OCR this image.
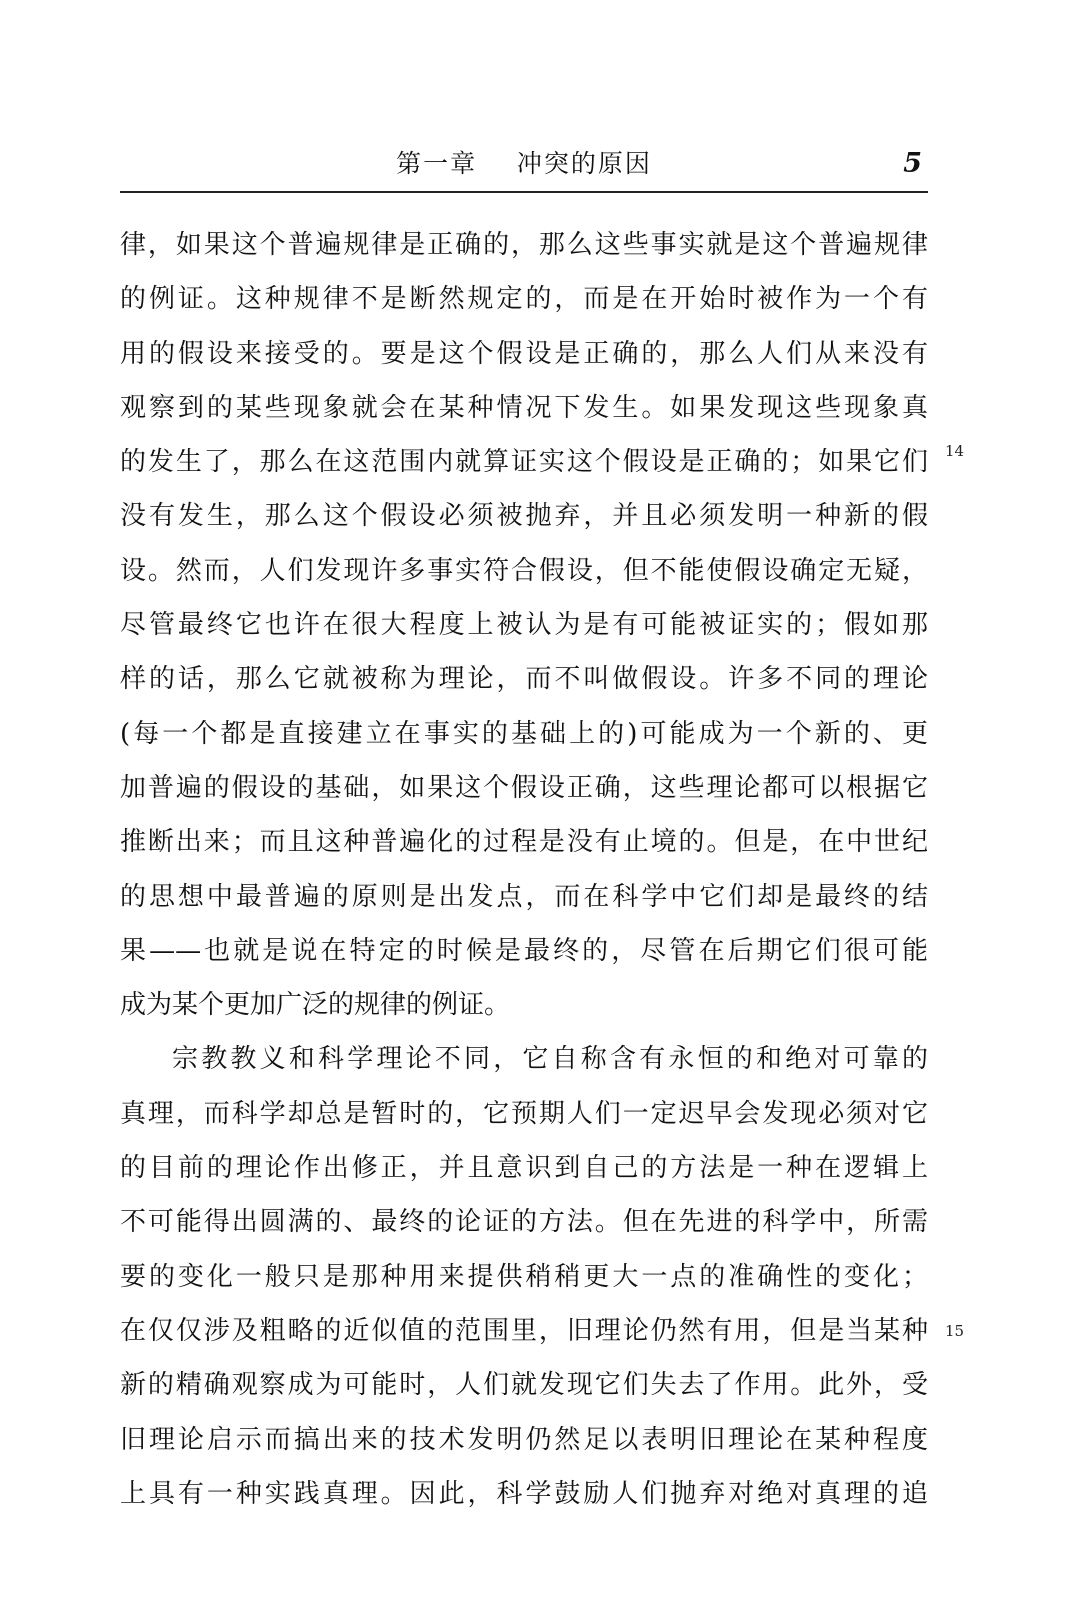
第一章    冲突的原因	5
律，如果这个普遍规律是正确的，那么这些事实就是这个普遍规律
的例证。这种规律不是断然规定的，而是在开始时被作为一个有
用的假设来接受的。要是这个假设是正确的，那么人们从来没有
观察到的某些现象就会在某种情况下发生。如果发现这些现象真
的发生了，那么在这范围内就算证实这个假设是正确的；如果它们
没有发生，那么这个假设必须被抛弃，并且必须发明一种新的假
设。然而，人们发现许多事实符合假设，但不能使假设确定无疑，
尽管最终它也许在很大程度上被认为是有可能被证实的；假如那
样的话，那么它就被称为理论，而不叫做假设。许多不同的理论
(每一个都是直接建立在事实的基础上的)可能成为一个新的、更
加普遍的假设的基础，如果这个假设正确，这些理论都可以根据它
推断出来；而且这种普遍化的过程是没有止境的。但是，在中世纪
的思想中最普遍的原则是出发点，而在科学中它们却是最终的结
果——也就是说在特定的时候是最终的，尽管在后期它们很可能
成为某个更加广泛的规律的例证。
宗教教义和科学理论不同，它自称含有永恒的和绝对可靠的
真理，而科学却总是暂时的，它预期人们一定迟早会发现必须对它
的目前的理论作出修正，并且意识到自己的方法是一种在逻辑上
不可能得出圆满的、最终的论证的方法。但在先进的科学中，所需
要的变化一般只是那种用来提供稍稍更大一点的准确性的变化；
在仅仅涉及粗略的近似值的范围里，旧理论仍然有用，但是当某种
新的精确观察成为可能时，人们就发现它们失去了作用。此外，受
旧理论启示而搞出来的技术发明仍然足以表明旧理论在某种程度
上具有一种实践真理。因此，科学鼓励人们抛弃对绝对真理的追
14
15
